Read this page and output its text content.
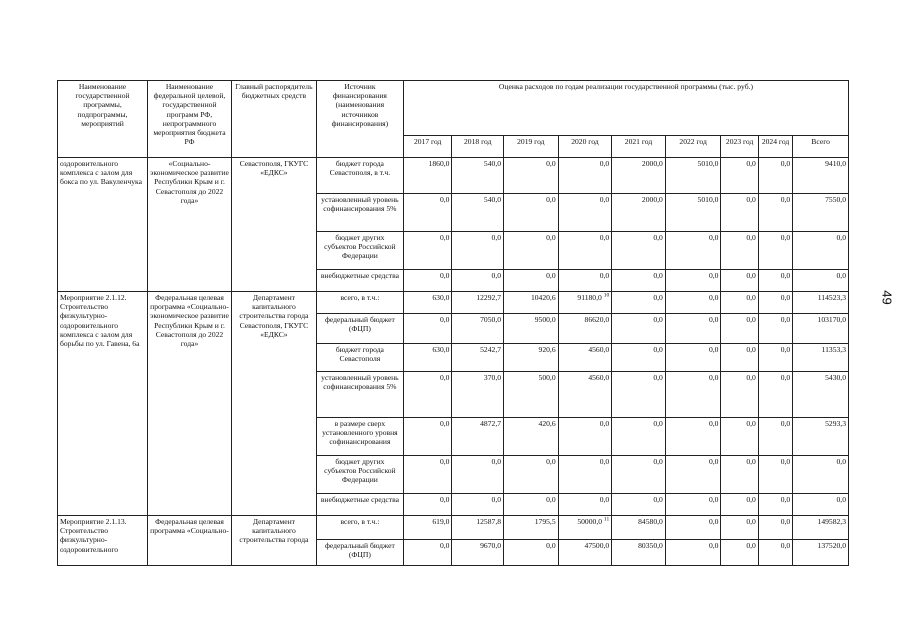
49
Наименование государственной программы, подпрограммы, мероприятий	Наименование федеральной целевой, государственной программ РФ, непрограммного мероприятия бюджета РФ	Главный распорядитель бюджетных средств	Источник финансирования (наименования источников финансирования)	Оценка расходов по годам реализации государственной программы (тыс. руб.)								
				2017 год	2018 год	2019 год	2020 год	2021 год	2022 год	2023 год	2024 год	Всего
оздоровительного комплекса с залом для бокса по ул. Вакуленчука	«Социально-экономическое развитие Республики Крым и г. Севастополя до 2022 года»	Севастополя, ГКУГС «ЕДКС»	бюджет города Севастополя, в т.ч.	1860,0	540,0	0,0	0,0	2000,0	5010,0	0,0	0,0	9410,0
			установленный уровень софинансирования 5%	0,0	540,0	0,0	0,0	2000,0	5010,0	0,0	0,0	7550,0
			бюджет других субъектов Российской Федерации	0,0	0,0	0,0	0,0	0,0	0,0	0,0	0,0	0,0
			внебюджетные средства	0,0	0,0	0,0	0,0	0,0	0,0	0,0	0,0	0,0
Мероприятие 2.1.12. Строительство физкультурно-оздоровительного комплекса с залом для борьбы по ул. Гавена, 6а	Федеральная целевая программа «Социально-экономическое развитие Республики Крым и г. Севастополя до 2022 года»	Департамент капитального строительства города Севастополя, ГКУГС «ЕДКС»	всего, в т.ч.:	630,0	12292,7	10420,6	91180,0 $^{10}$	0,0	0,0	0,0	0,0	114523,3
			федеральный бюджет (ФЦП)	0,0	7050,0	9500,0	86620,0	0,0	0,0	0,0	0,0	103170,0
			бюджет города Севастополя	630,0	5242,7	920,6	4560,0	0,0	0,0	0,0	0,0	11353,3
			установленный уровень софинансирования 5%	0,0	370,0	500,0	4560,0	0,0	0,0	0,0	0,0	5430,0
			в размере сверх установленного уровня софинансирования	0,0	4872,7	420,6	0,0	0,0	0,0	0,0	0,0	5293,3
			бюджет других субъектов Российской Федерации	0,0	0,0	0,0	0,0	0,0	0,0	0,0	0,0	0,0
			внебюджетные средства	0,0	0,0	0,0	0,0	0,0	0,0	0,0	0,0	0,0
Мероприятие 2.1.13. Строительство физкультурно-оздоровительного	Федеральная целевая программа «Социально-	Департамент капитального строительства города	всего, в т.ч.:	619,0	12587,8	1795,5	50000,0 $^{11}$	84580,0	0,0	0,0	0,0	149582,3
			федеральный бюджет (ФЦП)	0,0	9670,0	0,0	47500,0	80350,0	0,0	0,0	0,0	137520,0
